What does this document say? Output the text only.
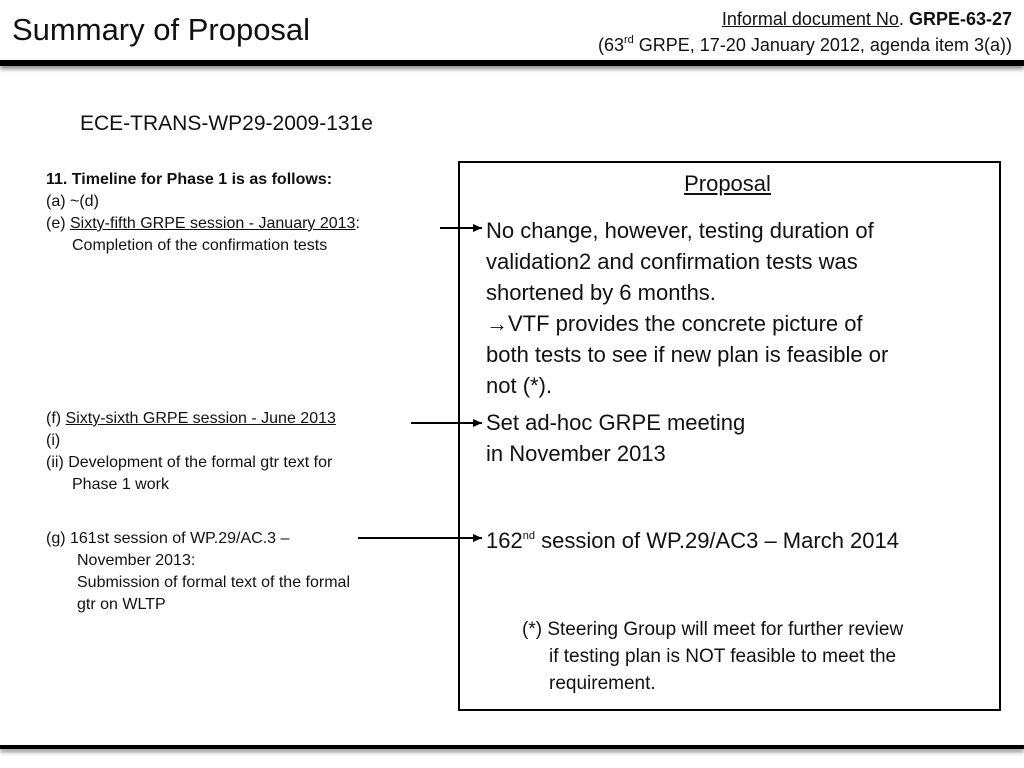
Summary of Proposal	Informal document No. GRPE-63-27
(63rd GRPE, 17-20 January 2012, agenda item 3(a))
ECE-TRANS-WP29-2009-131e
11. Timeline for Phase 1 is as follows:
(a) ~(d)
(e) Sixty-fifth GRPE session - January 2013:
Completion of the confirmation tests
(f) Sixty-sixth GRPE session - June 2013
(i)
(ii) Development of the formal gtr text for
Phase 1 work
(g) 161st session of WP.29/AC.3 –
November 2013:
Submission of formal text of the formal
gtr on WLTP
Proposal
No change, however, testing duration of
validation2 and confirmation tests was
shortened by 6 months.
→VTF provides the concrete picture of
both tests to see if new plan is feasible or
not (*).
Set ad-hoc GRPE meeting
in November 2013
162nd session of WP.29/AC3 – March 2014
(*) Steering Group will meet for further review
if testing plan is NOT feasible to meet the
requirement.
